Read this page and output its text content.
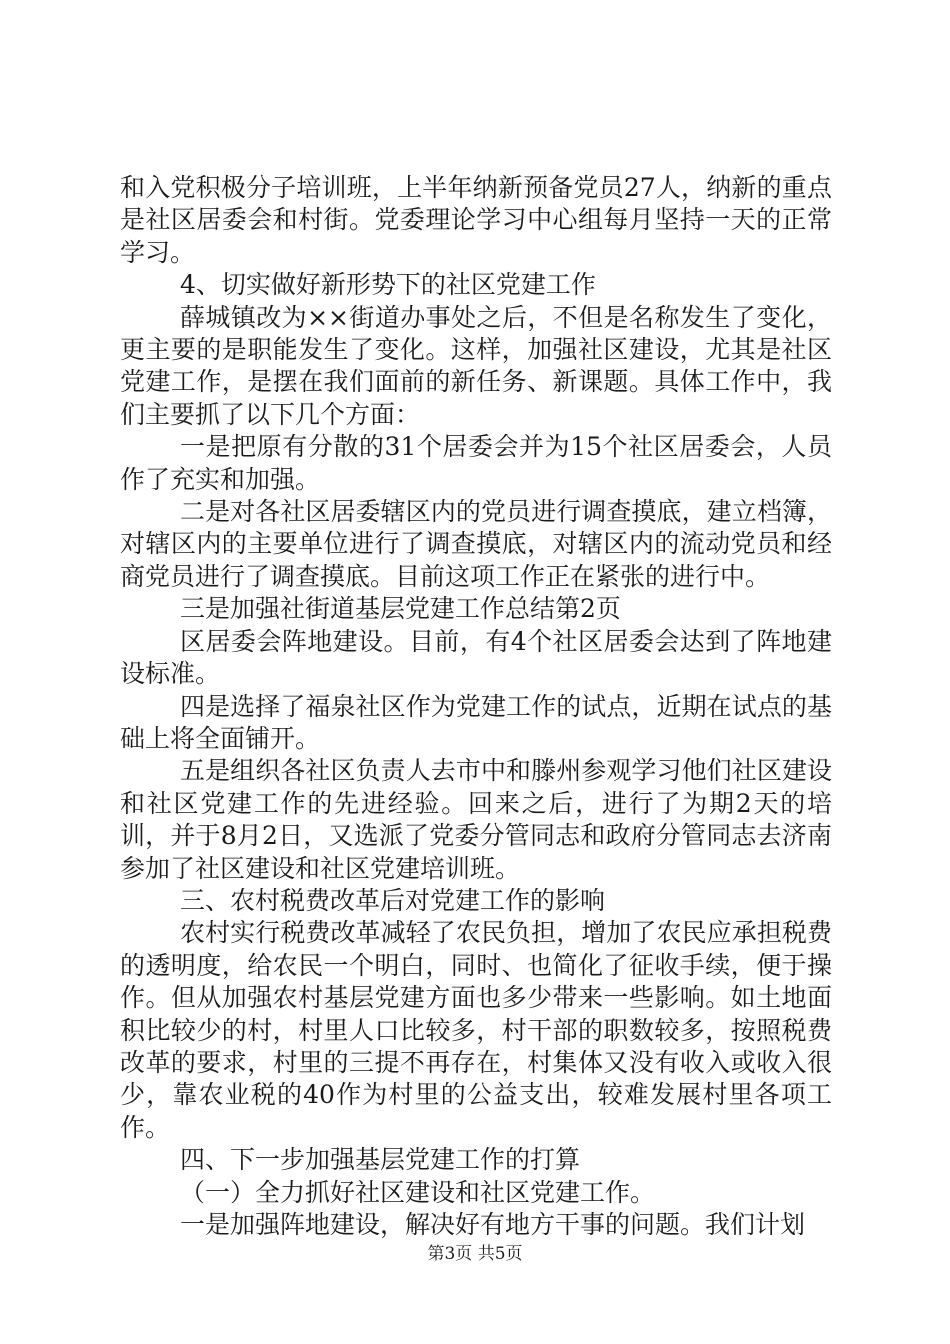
和入党积极分子培训班，上半年纳新预备党员27人，纳新的重点是社区居委会和村街。党委理论学习中心组每月坚持一天的正常学习。

4、切实做好新形势下的社区党建工作

薛城镇改为××街道办事处之后，不但是名称发生了变化，更主要的是职能发生了变化。这样，加强社区建设，尤其是社区党建工作，是摆在我们面前的新任务、新课题。具体工作中，我们主要抓了以下几个方面：

一是把原有分散的31个居委会并为15个社区居委会，人员作了充实和加强。

二是对各社区居委辖区内的党员进行调查摸底，建立档簿，对辖区内的主要单位进行了调查摸底，对辖区内的流动党员和经商党员进行了调查摸底。目前这项工作正在紧张的进行中。

三是加强社街道基层党建工作总结第2页

区居委会阵地建设。目前，有4个社区居委会达到了阵地建设标准。

四是选择了福泉社区作为党建工作的试点，近期在试点的基础上将全面铺开。

五是组织各社区负责人去市中和滕州参观学习他们社区建设和社区党建工作的先进经验。回来之后，进行了为期2天的培训，并于8月2日，又选派了党委分管同志和政府分管同志去济南参加了社区建设和社区党建培训班。

三、农村税费改革后对党建工作的影响

农村实行税费改革减轻了农民负担，增加了农民应承担税费的透明度，给农民一个明白，同时、也简化了征收手续，便于操作。但从加强农村基层党建方面也多少带来一些影响。如土地面积比较少的村，村里人口比较多，村干部的职数较多，按照税费改革的要求，村里的三提不再存在，村集体又没有收入或收入很少，靠农业税的40作为村里的公益支出，较难发展村里各项工作。

四、下一步加强基层党建工作的打算

（一）全力抓好社区建设和社区党建工作。

一是加强阵地建设，解决好有地方干事的问题。我们计划

第3页 共5页
